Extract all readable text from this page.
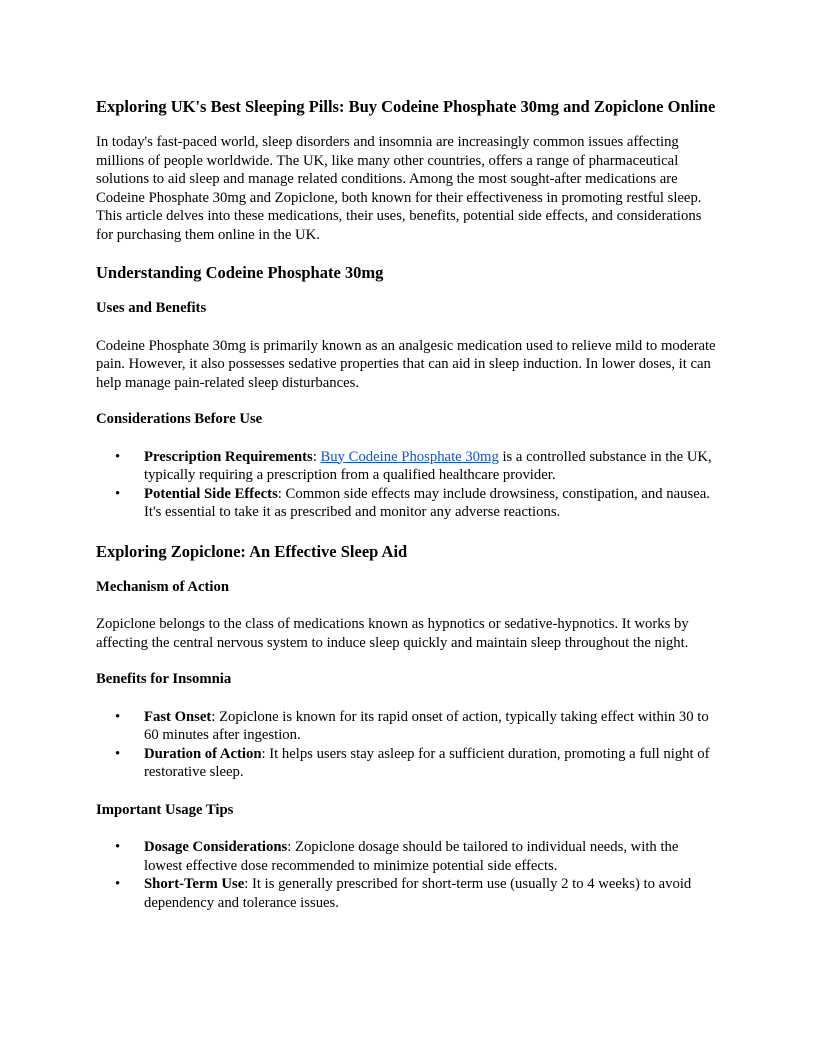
Exploring UK's Best Sleeping Pills: Buy Codeine Phosphate 30mg and Zopiclone Online

In today's fast-paced world, sleep disorders and insomnia are increasingly common issues affecting millions of people worldwide. The UK, like many other countries, offers a range of pharmaceutical solutions to aid sleep and manage related conditions. Among the most sought-after medications are Codeine Phosphate 30mg and Zopiclone, both known for their effectiveness in promoting restful sleep. This article delves into these medications, their uses, benefits, potential side effects, and considerations for purchasing them online in the UK.

Understanding Codeine Phosphate 30mg
Uses and Benefits

Codeine Phosphate 30mg is primarily known as an analgesic medication used to relieve mild to moderate pain. However, it also possesses sedative properties that can aid in sleep induction. In lower doses, it can help manage pain-related sleep disturbances.

Considerations Before Use
• Prescription Requirements: Buy Codeine Phosphate 30mg is a controlled substance in the UK, typically requiring a prescription from a qualified healthcare provider.
• Potential Side Effects: Common side effects may include drowsiness, constipation, and nausea. It's essential to take it as prescribed and monitor any adverse reactions.
Exploring Zopiclone: An Effective Sleep Aid
Mechanism of Action

Zopiclone belongs to the class of medications known as hypnotics or sedative-hypnotics. It works by affecting the central nervous system to induce sleep quickly and maintain sleep throughout the night.

Benefits for Insomnia
• Fast Onset: Zopiclone is known for its rapid onset of action, typically taking effect within 30 to 60 minutes after ingestion.
• Duration of Action: It helps users stay asleep for a sufficient duration, promoting a full night of restorative sleep.
Important Usage Tips
• Dosage Considerations: Zopiclone dosage should be tailored to individual needs, with the lowest effective dose recommended to minimize potential side effects.
• Short-Term Use: It is generally prescribed for short-term use (usually 2 to 4 weeks) to avoid dependency and tolerance issues.
